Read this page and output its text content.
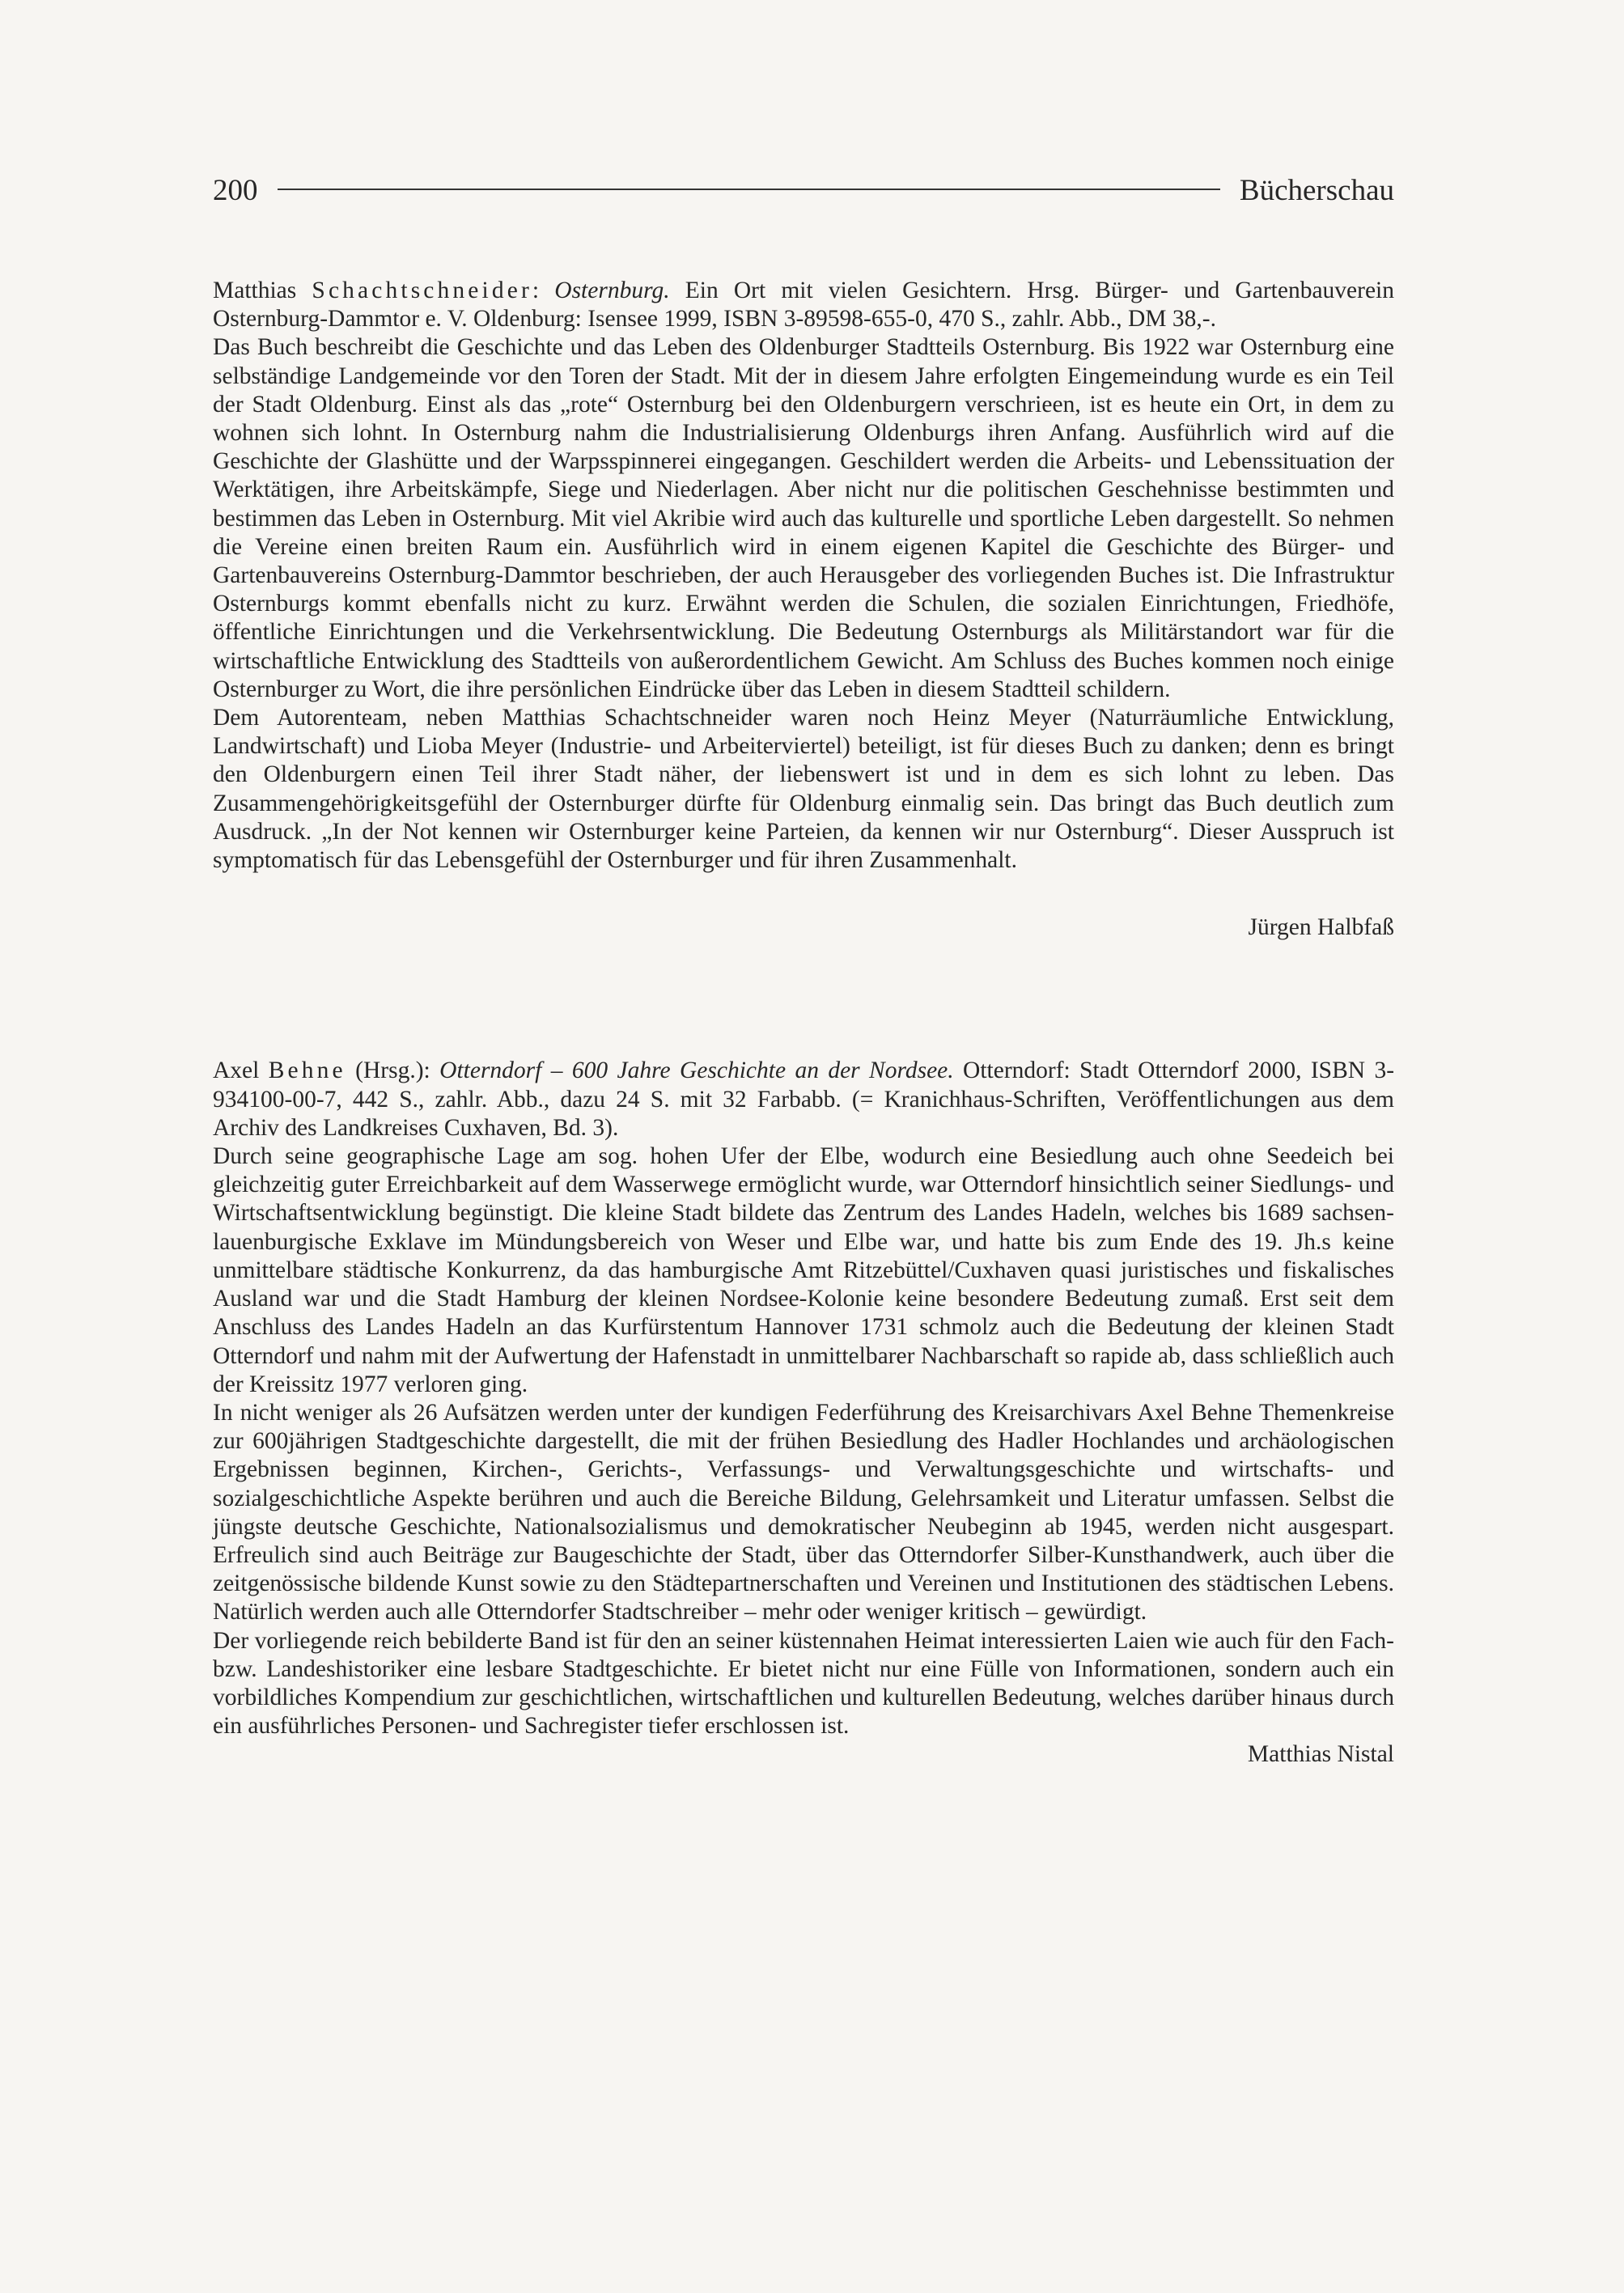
200	Bücherschau

Matthias Schachtschneider: Osternburg. Ein Ort mit vielen Gesichtern. Hrsg. Bürger- und Gartenbauverein Osternburg-Dammtor e. V. Oldenburg: Isensee 1999, ISBN 3-89598-655-0, 470 S., zahlr. Abb., DM 38,-.

Das Buch beschreibt die Geschichte und das Leben des Oldenburger Stadtteils Osternburg. Bis 1922 war Osternburg eine selbständige Landgemeinde vor den Toren der Stadt. Mit der in diesem Jahre erfolgten Eingemeindung wurde es ein Teil der Stadt Oldenburg. Einst als das „rote“ Osternburg bei den Oldenburgern verschrieen, ist es heute ein Ort, in dem zu wohnen sich lohnt. In Osternburg nahm die Industrialisierung Oldenburgs ihren Anfang. Ausführlich wird auf die Geschichte der Glashütte und der Warpsspinnerei eingegangen. Geschildert werden die Arbeits- und Lebenssituation der Werktätigen, ihre Arbeitskämpfe, Siege und Niederlagen. Aber nicht nur die politischen Geschehnisse bestimmten und bestimmen das Leben in Osternburg. Mit viel Akribie wird auch das kulturelle und sportliche Leben dargestellt. So nehmen die Vereine einen breiten Raum ein. Ausführlich wird in einem eigenen Kapitel die Geschichte des Bürger- und Gartenbauvereins Osternburg-Dammtor beschrieben, der auch Herausgeber des vorliegenden Buches ist. Die Infrastruktur Osternburgs kommt ebenfalls nicht zu kurz. Erwähnt werden die Schulen, die sozialen Einrichtungen, Friedhöfe, öffentliche Einrichtungen und die Verkehrsentwicklung. Die Bedeutung Osternburgs als Militärstandort war für die wirtschaftliche Entwicklung des Stadtteils von außerordentlichem Gewicht. Am Schluss des Buches kommen noch einige Osternburger zu Wort, die ihre persönlichen Eindrücke über das Leben in diesem Stadtteil schildern.

Dem Autorenteam, neben Matthias Schachtschneider waren noch Heinz Meyer (Naturräumliche Entwicklung, Landwirtschaft) und Lioba Meyer (Industrie- und Arbeiterviertel) beteiligt, ist für dieses Buch zu danken; denn es bringt den Oldenburgern einen Teil ihrer Stadt näher, der liebenswert ist und in dem es sich lohnt zu leben. Das Zusammengehörigkeitsgefühl der Osternburger dürfte für Oldenburg einmalig sein. Das bringt das Buch deutlich zum Ausdruck. „In der Not kennen wir Osternburger keine Parteien, da kennen wir nur Osternburg“. Dieser Ausspruch ist symptomatisch für das Lebensgefühl der Osternburger und für ihren Zusammenhalt.

Jürgen Halbfaß

Axel Behne (Hrsg.): Otterndorf – 600 Jahre Geschichte an der Nordsee. Otterndorf: Stadt Otterndorf 2000, ISBN 3-934100-00-7, 442 S., zahlr. Abb., dazu 24 S. mit 32 Farbabb. (= Kranichhaus-Schriften, Veröffentlichungen aus dem Archiv des Landkreises Cuxhaven, Bd. 3).

Durch seine geographische Lage am sog. hohen Ufer der Elbe, wodurch eine Besiedlung auch ohne Seedeich bei gleichzeitig guter Erreichbarkeit auf dem Wasserwege ermöglicht wurde, war Otterndorf hinsichtlich seiner Siedlungs- und Wirtschaftsentwicklung begünstigt. Die kleine Stadt bildete das Zentrum des Landes Hadeln, welches bis 1689 sachsen-lauenburgische Exklave im Mündungsbereich von Weser und Elbe war, und hatte bis zum Ende des 19. Jh.s keine unmittelbare städtische Konkurrenz, da das hamburgische Amt Ritzebüttel/Cuxhaven quasi juristisches und fiskalisches Ausland war und die Stadt Hamburg der kleinen Nordsee-Kolonie keine besondere Bedeutung zumaß. Erst seit dem Anschluss des Landes Hadeln an das Kurfürstentum Hannover 1731 schmolz auch die Bedeutung der kleinen Stadt Otterndorf und nahm mit der Aufwertung der Hafenstadt in unmittelbarer Nachbarschaft so rapide ab, dass schließlich auch der Kreissitz 1977 verloren ging.

In nicht weniger als 26 Aufsätzen werden unter der kundigen Federführung des Kreisarchivars Axel Behne Themenkreise zur 600jährigen Stadtgeschichte dargestellt, die mit der frühen Besiedlung des Hadler Hochlandes und archäologischen Ergebnissen beginnen, Kirchen-, Gerichts-, Verfassungs- und Verwaltungsgeschichte und wirtschafts- und sozialgeschichtliche Aspekte berühren und auch die Bereiche Bildung, Gelehrsamkeit und Literatur umfassen. Selbst die jüngste deutsche Geschichte, Nationalsozialismus und demokratischer Neubeginn ab 1945, werden nicht ausgespart. Erfreulich sind auch Beiträge zur Baugeschichte der Stadt, über das Otterndorfer Silber-Kunsthandwerk, auch über die zeitgenössische bildende Kunst sowie zu den Städtepartnerschaften und Vereinen und Institutionen des städtischen Lebens. Natürlich werden auch alle Otterndorfer Stadtschreiber – mehr oder weniger kritisch – gewürdigt.

Der vorliegende reich bebilderte Band ist für den an seiner küstennahen Heimat interessierten Laien wie auch für den Fach- bzw. Landeshistoriker eine lesbare Stadtgeschichte. Er bietet nicht nur eine Fülle von Informationen, sondern auch ein vorbildliches Kompendium zur geschichtlichen, wirtschaftlichen und kulturellen Bedeutung, welches darüber hinaus durch ein ausführliches Personen- und Sachregister tiefer erschlossen ist.

Matthias Nistal
